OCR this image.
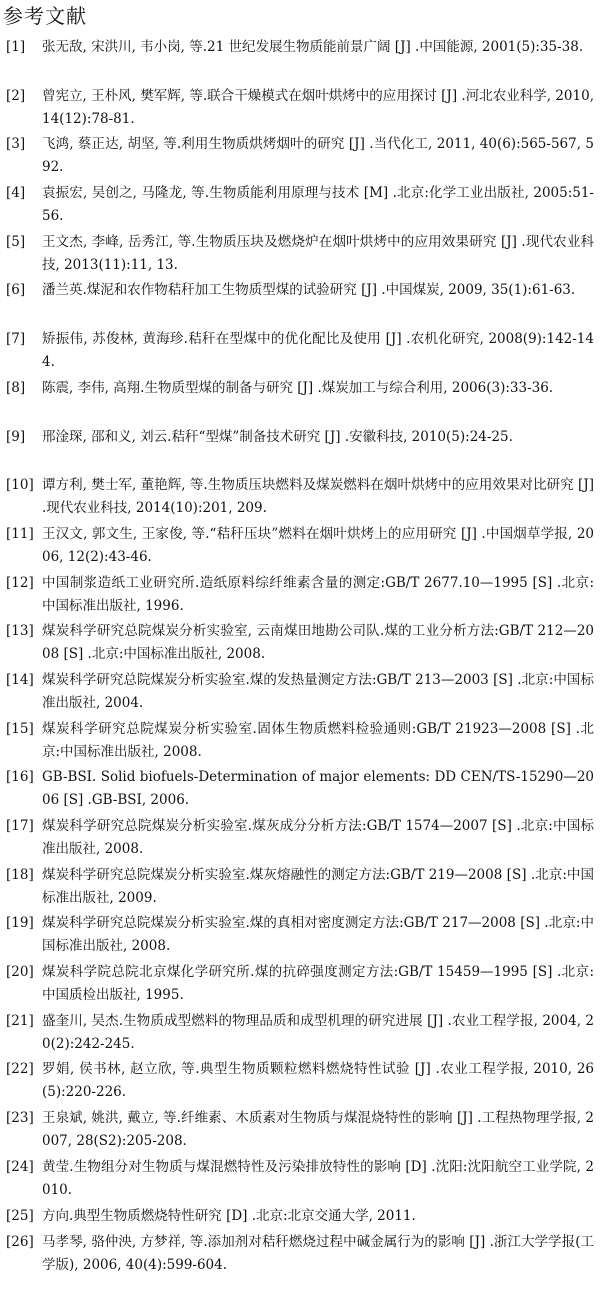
参考文献
[1]	张无敌, 宋洪川, 韦小岗, 等.21 世纪发展生物质能前景广阔 [J] .中国能源, 2001(5):35-38.
[2]	曾宪立, 王朴风, 樊军辉, 等.联合干燥模式在烟叶烘烤中的应用探讨 [J] .河北农业科学, 2010, 14(12):78-81.
[3]	飞鸿, 蔡正达, 胡坚, 等.利用生物质烘烤烟叶的研究 [J] .当代化工, 2011, 40(6):565-567, 592.
[4]	袁振宏, 吴创之, 马隆龙, 等.生物质能利用原理与技术 [M] .北京:化学工业出版社, 2005:51-56.
[5]	王文杰, 李峰, 岳秀江, 等.生物质压块及燃烧炉在烟叶烘烤中的应用效果研究 [J] .现代农业科技, 2013(11):11, 13.
[6]	潘兰英.煤泥和农作物秸秆加工生物质型煤的试验研究 [J] .中国煤炭, 2009, 35(1):61-63.
[7]	矫振伟, 苏俊林, 黄海珍.秸秆在型煤中的优化配比及使用 [J] .农机化研究, 2008(9):142-144.
[8]	陈震, 李伟, 高翔.生物质型煤的制备与研究 [J] .煤炭加工与综合利用, 2006(3):33-36.
[9]	邢淦琛, 邵和义, 刘云.秸秆“型煤”制备技术研究 [J] .安徽科技, 2010(5):24-25.
[10] 谭方利, 樊士军, 董艳辉, 等.生物质压块燃料及煤炭燃料在烟叶烘烤中的应用效果对比研究 [J] .现代农业科技, 2014(10):201, 209.
[11] 王汉文, 郭文生, 王家俊, 等.“秸秆压块”燃料在烟叶烘烤上的应用研究 [J] .中国烟草学报, 2006, 12(2):43-46.
[12] 中国制浆造纸工业研究所.造纸原料综纤维素含量的测定:GB/T 2677.10—1995 [S] .北京:中国标准出版社, 1996.
[13] 煤炭科学研究总院煤炭分析实验室, 云南煤田地勘公司队.煤的工业分析方法:GB/T 212—2008 [S] .北京:中国标准出版社, 2008.
[14] 煤炭科学研究总院煤炭分析实验室.煤的发热量测定方法:GB/T 213—2003 [S] .北京:中国标准出版社, 2004.
[15] 煤炭科学研究总院煤炭分析实验室.固体生物质燃料检验通则:GB/T 21923—2008 [S] .北京:中国标准出版社, 2008.
[16] GB-BSI. Solid biofuels-Determination of major elements: DD CEN/TS-15290—2006 [S] .GB-BSI, 2006.
[17] 煤炭科学研究总院煤炭分析实验室.煤灰成分分析方法:GB/T 1574—2007 [S] .北京:中国标准出版社, 2008.
[18] 煤炭科学研究总院煤炭分析实验室.煤灰熔融性的测定方法:GB/T 219—2008 [S] .北京:中国标准出版社, 2009.
[19] 煤炭科学研究总院煤炭分析实验室.煤的真相对密度测定方法:GB/T 217—2008 [S] .北京:中国标准出版社, 2008.
[20] 煤炭科学院总院北京煤化学研究所.煤的抗碎强度测定方法:GB/T 15459—1995 [S] .北京:中国质检出版社, 1995.
[21] 盛奎川, 吴杰.生物质成型燃料的物理品质和成型机理的研究进展 [J] .农业工程学报, 2004, 20(2):242-245.
[22] 罗娟, 侯书林, 赵立欣, 等.典型生物质颗粒燃料燃烧特性试验 [J] .农业工程学报, 2010, 26(5):220-226.
[23] 王泉斌, 姚洪, 戴立, 等.纤维素、木质素对生物质与煤混烧特性的影响 [J] .工程热物理学报, 2007, 28(S2):205-208.
[24] 黄莹.生物组分对生物质与煤混燃特性及污染排放特性的影响 [D] .沈阳:沈阳航空工业学院, 2010.
[25] 方向.典型生物质燃烧特性研究 [D] .北京:北京交通大学, 2011.
[26] 马孝琴, 骆仲泱, 方梦祥, 等.添加剂对秸秆燃烧过程中碱金属行为的影响 [J] .浙江大学学报(工学版), 2006, 40(4):599-604.
